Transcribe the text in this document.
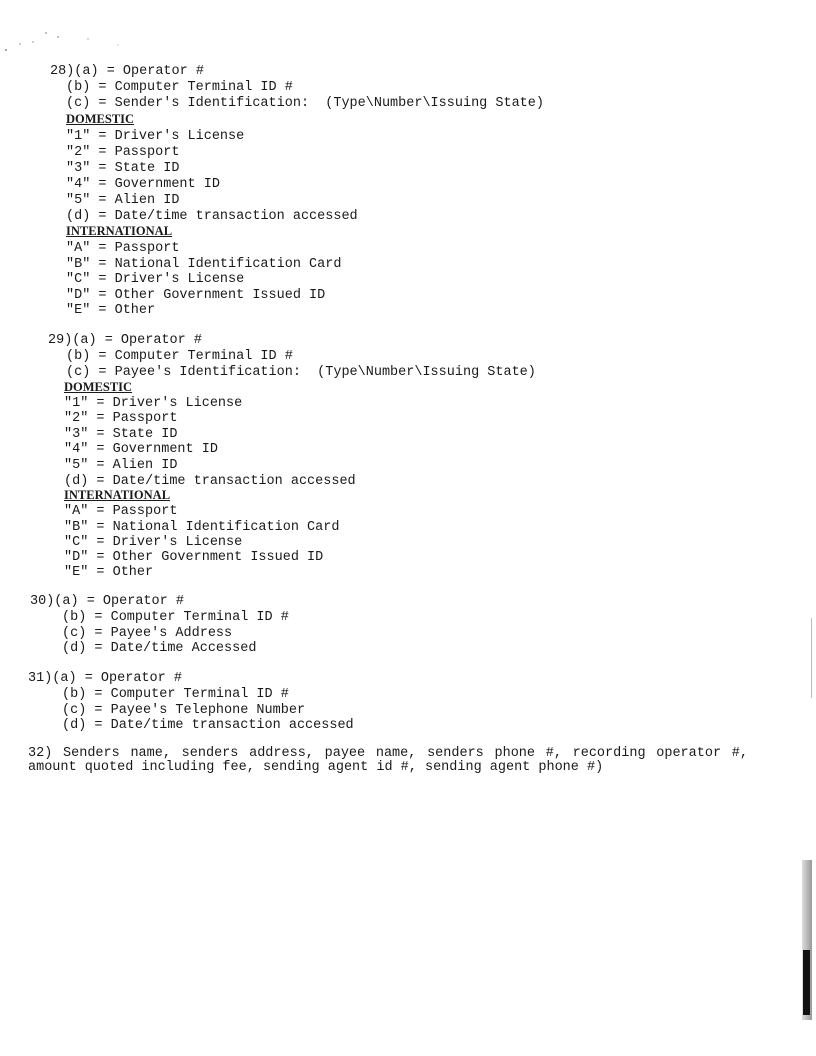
28)(a) = Operator #
(b) = Computer Terminal ID #
(c) = Sender's Identification:  (Type\Number\Issuing State)
DOMESTIC
"1" = Driver's License
"2" = Passport
"3" = State ID
"4" = Government ID
"5" = Alien ID
(d) = Date/time transaction accessed
INTERNATIONAL
"A" = Passport
"B" = National Identification Card
"C" = Driver's License
"D" = Other Government Issued ID
"E" = Other
29)(a) = Operator #
(b) = Computer Terminal ID #
(c) = Payee's Identification:  (Type\Number\Issuing State)
DOMESTIC
"1" = Driver's License
"2" = Passport
"3" = State ID
"4" = Government ID
"5" = Alien ID
(d) = Date/time transaction accessed
INTERNATIONAL
"A" = Passport
"B" = National Identification Card
"C" = Driver's License
"D" = Other Government Issued ID
"E" = Other
30)(a) = Operator #
(b) = Computer Terminal ID #
(c) = Payee's Address
(d) = Date/time Accessed
31)(a) = Operator #
(b) = Computer Terminal ID #
(c) = Payee's Telephone Number
(d) = Date/time transaction accessed
32) Senders name, senders address, payee name, senders phone #, recording operator #, amount quoted including fee, sending agent id #, sending agent phone #)
